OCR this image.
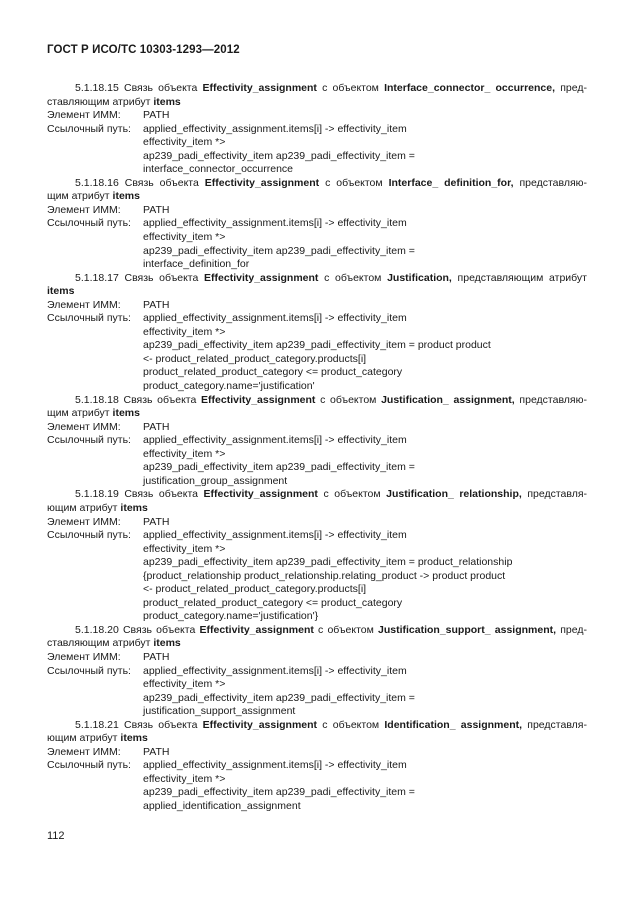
ГОСТ Р ИСО/ТС 10303-1293—2012
5.1.18.15 Связь объекта Effectivity_assignment с объектом Interface_connector_ occurrence, пред-
ставляющим атрибут items
Элемент ИММ:	PATH
Ссылочный путь:	applied_effectivity_assignment.items[i] -> effectivity_item
effectivity_item *>
ap239_padi_effectivity_item ap239_padi_effectivity_item =
interface_connector_occurrence
5.1.18.16 Связь объекта Effectivity_assignment с объектом Interface_ definition_for, представляю-
щим атрибут items
Элемент ИММ:	PATH
Ссылочный путь:	applied_effectivity_assignment.items[i] -> effectivity_item
effectivity_item *>
ap239_padi_effectivity_item ap239_padi_effectivity_item =
interface_definition_for
5.1.18.17 Связь объекта Effectivity_assignment с объектом Justification, представляющим атрибут
items
Элемент ИММ:	PATH
Ссылочный путь:	applied_effectivity_assignment.items[i] -> effectivity_item
effectivity_item *>
ap239_padi_effectivity_item ap239_padi_effectivity_item = product product
<- product_related_product_category.products[i]
product_related_product_category <= product_category
product_category.name='justification'
5.1.18.18 Связь объекта Effectivity_assignment с объектом Justification_ assignment, представляю-
щим атрибут items
Элемент ИММ:	PATH
Ссылочный путь:	applied_effectivity_assignment.items[i] -> effectivity_item
effectivity_item *>
ap239_padi_effectivity_item ap239_padi_effectivity_item =
justification_group_assignment
5.1.18.19 Связь объекта Effectivity_assignment с объектом Justification_ relationship, представля-
ющим атрибут items
Элемент ИММ:	PATH
Ссылочный путь:	applied_effectivity_assignment.items[i] -> effectivity_item
effectivity_item *>
ap239_padi_effectivity_item ap239_padi_effectivity_item = product_relationship
{product_relationship product_relationship.relating_product -> product product
<- product_related_product_category.products[i]
product_related_product_category <= product_category
product_category.name='justification'}
5.1.18.20 Связь объекта Effectivity_assignment с объектом Justification_support_ assignment, пред-
ставляющим атрибут items
Элемент ИММ:	PATH
Ссылочный путь:	applied_effectivity_assignment.items[i] -> effectivity_item
effectivity_item *>
ap239_padi_effectivity_item ap239_padi_effectivity_item =
justification_support_assignment
5.1.18.21 Связь объекта Effectivity_assignment с объектом Identification_ assignment, представля-
ющим атрибут items
Элемент ИММ:	PATH
Ссылочный путь:	applied_effectivity_assignment.items[i] -> effectivity_item
effectivity_item *>
ap239_padi_effectivity_item ap239_padi_effectivity_item =
applied_identification_assignment
112
